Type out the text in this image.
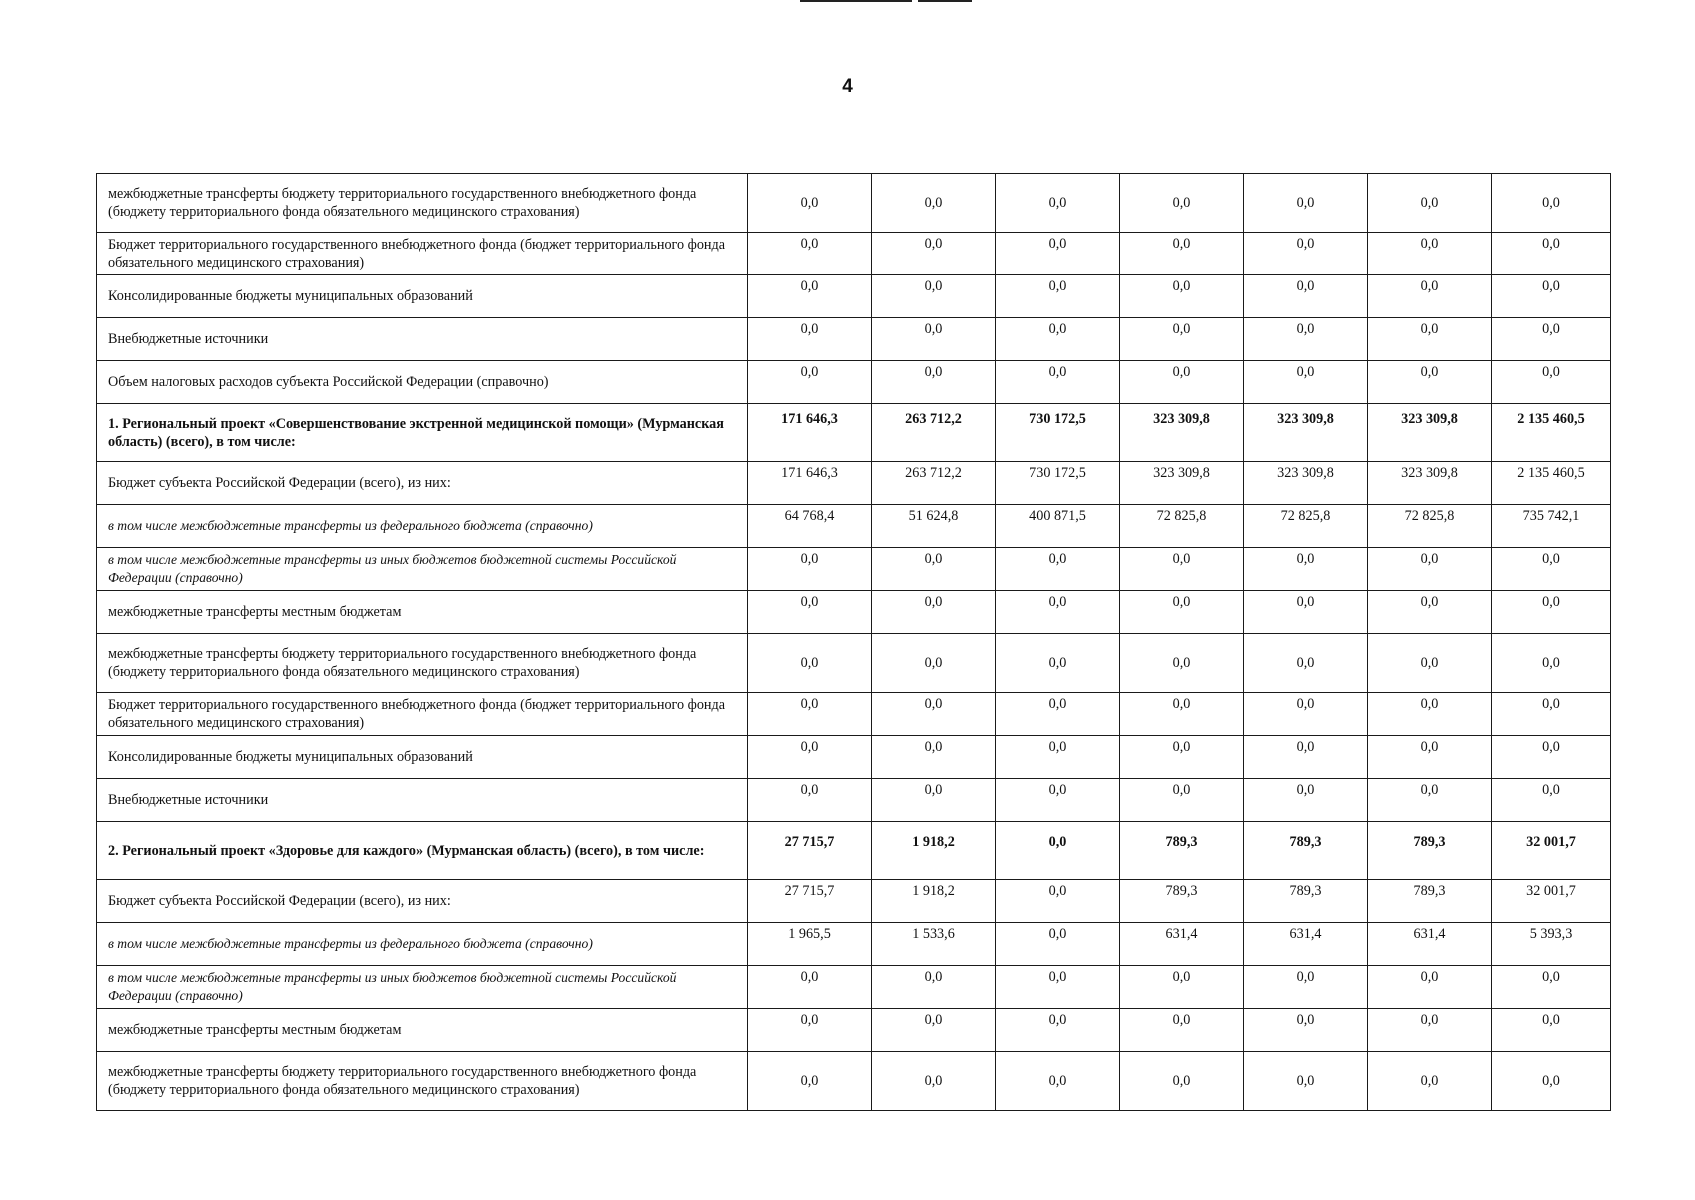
4
межбюджетные трансферты бюджету территориального государственного внебюджетного фонда (бюджету территориального фонда обязательного медицинского страхования)	0,0	0,0	0,0	0,0	0,0	0,0	0,0
Бюджет территориального государственного внебюджетного фонда (бюджет территориального фонда обязательного медицинского страхования)	0,0	0,0	0,0	0,0	0,0	0,0	0,0
Консолидированные бюджеты муниципальных образований	0,0	0,0	0,0	0,0	0,0	0,0	0,0
Внебюджетные источники	0,0	0,0	0,0	0,0	0,0	0,0	0,0
Объем налоговых расходов субъекта Российской Федерации (справочно)	0,0	0,0	0,0	0,0	0,0	0,0	0,0
1. Региональный проект «Совершенствование экстренной медицинской помощи» (Мурманская область) (всего), в том числе:	171 646,3	263 712,2	730 172,5	323 309,8	323 309,8	323 309,8	2 135 460,5
Бюджет субъекта Российской Федерации (всего), из них:	171 646,3	263 712,2	730 172,5	323 309,8	323 309,8	323 309,8	2 135 460,5
в том числе межбюджетные трансферты из федерального бюджета (справочно)	64 768,4	51 624,8	400 871,5	72 825,8	72 825,8	72 825,8	735 742,1
в том числе межбюджетные трансферты из иных бюджетов бюджетной системы Российской Федерации (справочно)	0,0	0,0	0,0	0,0	0,0	0,0	0,0
межбюджетные трансферты местным бюджетам	0,0	0,0	0,0	0,0	0,0	0,0	0,0
межбюджетные трансферты бюджету территориального государственного внебюджетного фонда (бюджету территориального фонда обязательного медицинского страхования)	0,0	0,0	0,0	0,0	0,0	0,0	0,0
Бюджет территориального государственного внебюджетного фонда (бюджет территориального фонда обязательного медицинского страхования)	0,0	0,0	0,0	0,0	0,0	0,0	0,0
Консолидированные бюджеты муниципальных образований	0,0	0,0	0,0	0,0	0,0	0,0	0,0
Внебюджетные источники	0,0	0,0	0,0	0,0	0,0	0,0	0,0
2. Региональный проект «Здоровье для каждого» (Мурманская область) (всего), в том числе:	27 715,7	1 918,2	0,0	789,3	789,3	789,3	32 001,7
Бюджет субъекта Российской Федерации (всего), из них:	27 715,7	1 918,2	0,0	789,3	789,3	789,3	32 001,7
в том числе межбюджетные трансферты из федерального бюджета (справочно)	1 965,5	1 533,6	0,0	631,4	631,4	631,4	5 393,3
в том числе межбюджетные трансферты из иных бюджетов бюджетной системы Российской Федерации (справочно)	0,0	0,0	0,0	0,0	0,0	0,0	0,0
межбюджетные трансферты местным бюджетам	0,0	0,0	0,0	0,0	0,0	0,0	0,0
межбюджетные трансферты бюджету территориального государственного внебюджетного фонда (бюджету территориального фонда обязательного медицинского страхования)	0,0	0,0	0,0	0,0	0,0	0,0	0,0
